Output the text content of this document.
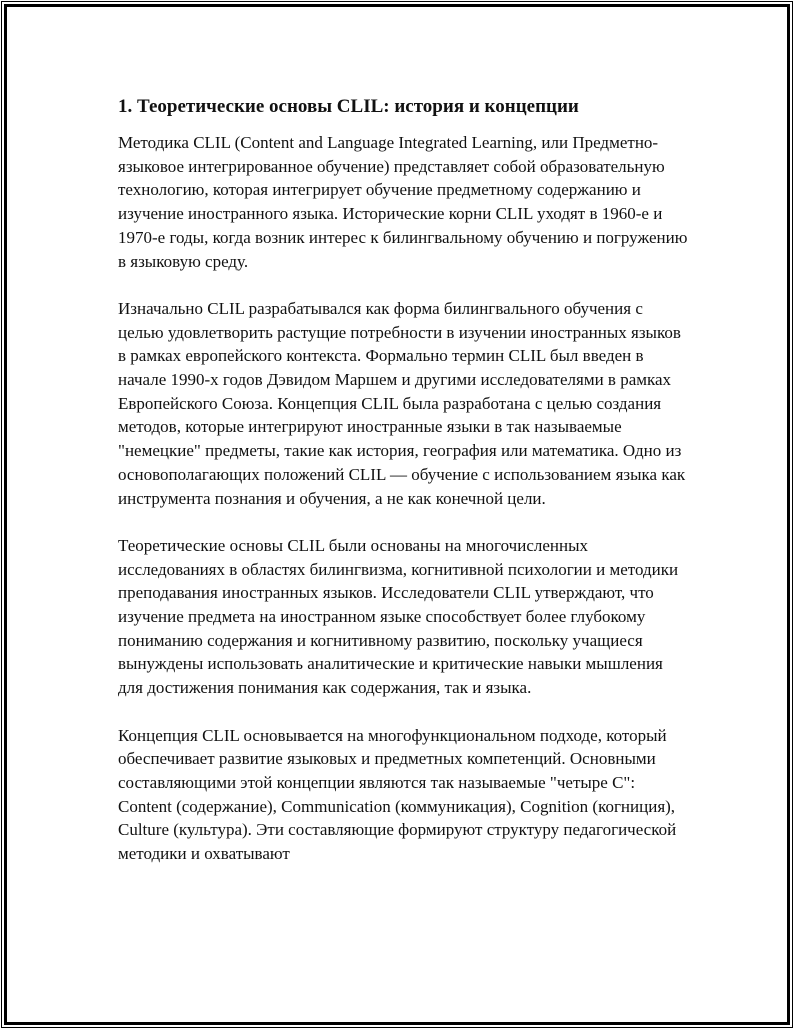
1. Теоретические основы CLIL: история и концепции

Методика CLIL (Content and Language Integrated Learning, или Предметно-языковое интегрированное обучение) представляет собой образовательную технологию, которая интегрирует обучение предметному содержанию и изучение иностранного языка. Исторические корни CLIL уходят в 1960-е и 1970-е годы, когда возник интерес к билингвальному обучению и погружению в языковую среду.

Изначально CLIL разрабатывался как форма билингвального обучения с целью удовлетворить растущие потребности в изучении иностранных языков в рамках европейского контекста. Формально термин CLIL был введен в начале 1990-х годов Дэвидом Маршем и другими исследователями в рамках Европейского Союза. Концепция CLIL была разработана с целью создания методов, которые интегрируют иностранные языки в так называемые "немецкие" предметы, такие как история, география или математика. Одно из основополагающих положений CLIL — обучение с использованием языка как инструмента познания и обучения, а не как конечной цели.

Теоретические основы CLIL были основаны на многочисленных исследованиях в областях билингвизма, когнитивной психологии и методики преподавания иностранных языков. Исследователи CLIL утверждают, что изучение предмета на иностранном языке способствует более глубокому пониманию содержания и когнитивному развитию, поскольку учащиеся вынуждены использовать аналитические и критические навыки мышления для достижения понимания как содержания, так и языка.

Концепция CLIL основывается на многофункциональном подходе, который обеспечивает развитие языковых и предметных компетенций. Основными составляющими этой концепции являются так называемые "четыре С": Content (содержание), Communication (коммуникация), Cognition (когниция), Culture (культура). Эти составляющие формируют структуру педагогической методики и охватывают
